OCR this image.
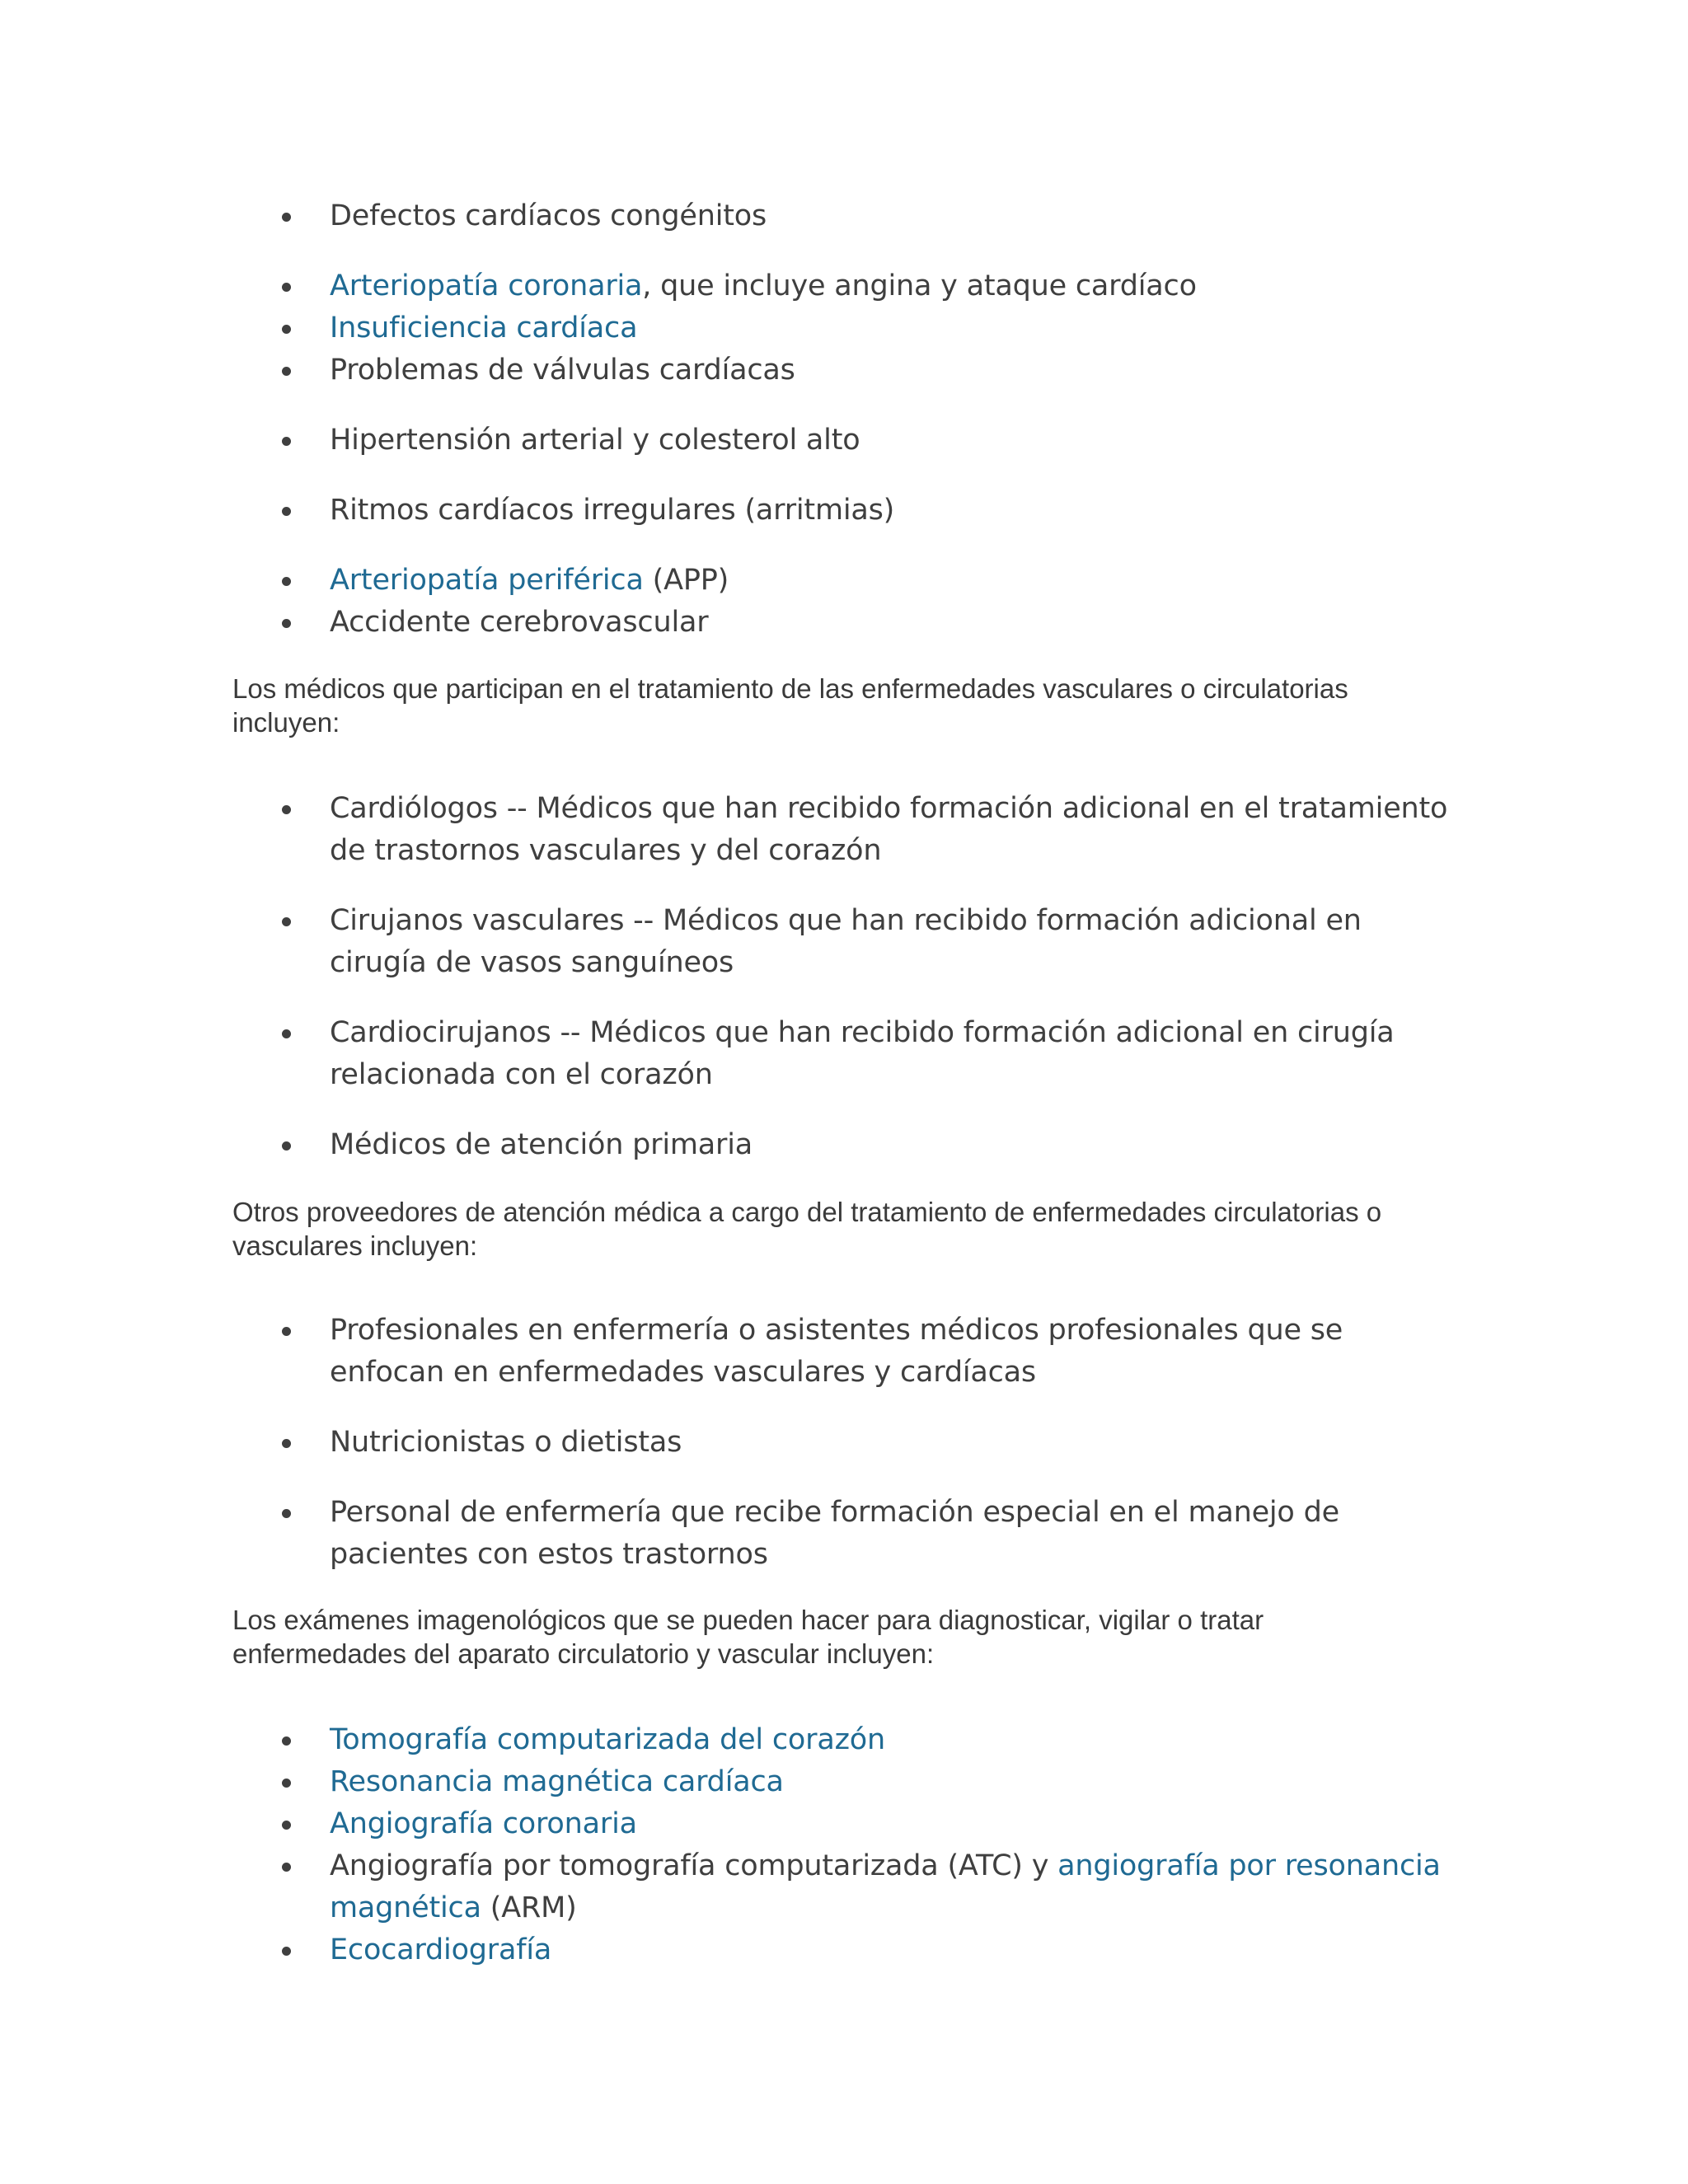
Defectos cardíacos congénitos
Arteriopatía coronaria, que incluye angina y ataque cardíaco
Insuficiencia cardíaca
Problemas de válvulas cardíacas
Hipertensión arterial y colesterol alto
Ritmos cardíacos irregulares (arritmias)
Arteriopatía periférica (APP)
Accidente cerebrovascular

Los médicos que participan en el tratamiento de las enfermedades vasculares o circulatorias incluyen:

Cardiólogos -- Médicos que han recibido formación adicional en el tratamiento de trastornos vasculares y del corazón
Cirujanos vasculares -- Médicos que han recibido formación adicional en cirugía de vasos sanguíneos
Cardiocirujanos -- Médicos que han recibido formación adicional en cirugía relacionada con el corazón
Médicos de atención primaria

Otros proveedores de atención médica a cargo del tratamiento de enfermedades circulatorias o vasculares incluyen:

Profesionales en enfermería o asistentes médicos profesionales que se enfocan en enfermedades vasculares y cardíacas
Nutricionistas o dietistas
Personal de enfermería que recibe formación especial en el manejo de pacientes con estos trastornos

Los exámenes imagenológicos que se pueden hacer para diagnosticar, vigilar o tratar enfermedades del aparato circulatorio y vascular incluyen:

Tomografía computarizada del corazón
Resonancia magnética cardíaca
Angiografía coronaria
Angiografía por tomografía computarizada (ATC) y angiografía por resonancia magnética (ARM)
Ecocardiografía
